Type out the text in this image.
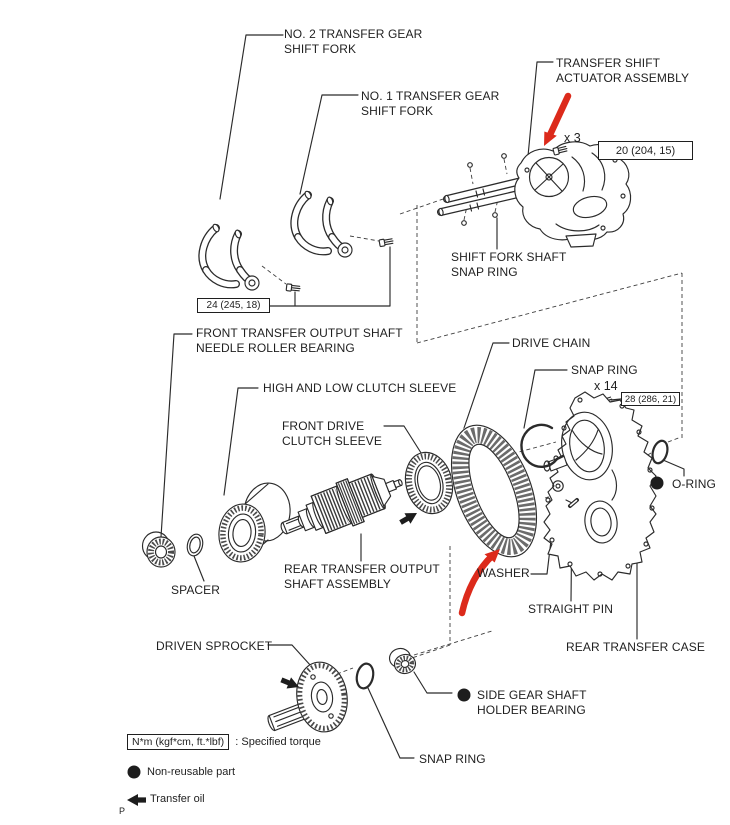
NO. 2 TRANSFER GEAR
SHIFT FORK
NO. 1 TRANSFER GEAR
SHIFT FORK
TRANSFER SHIFT
ACTUATOR ASSEMBLY
x 3
20 (204, 15)
SHIFT FORK SHAFT
SNAP RING
24 (245, 18)
FRONT TRANSFER OUTPUT SHAFT
NEEDLE ROLLER BEARING
HIGH AND LOW CLUTCH SLEEVE
FRONT DRIVE
CLUTCH SLEEVE
DRIVE CHAIN
SNAP RING
x 14
28 (286, 21)
O-RING
WASHER
STRAIGHT PIN
REAR TRANSFER CASE
REAR TRANSFER OUTPUT
SHAFT ASSEMBLY
SPACER
DRIVEN SPROCKET
SIDE GEAR SHAFT
HOLDER BEARING
SNAP RING
N*m (kgf*cm, ft.*lbf) : Specified torque
Non-reusable part
Transfer oil
P
